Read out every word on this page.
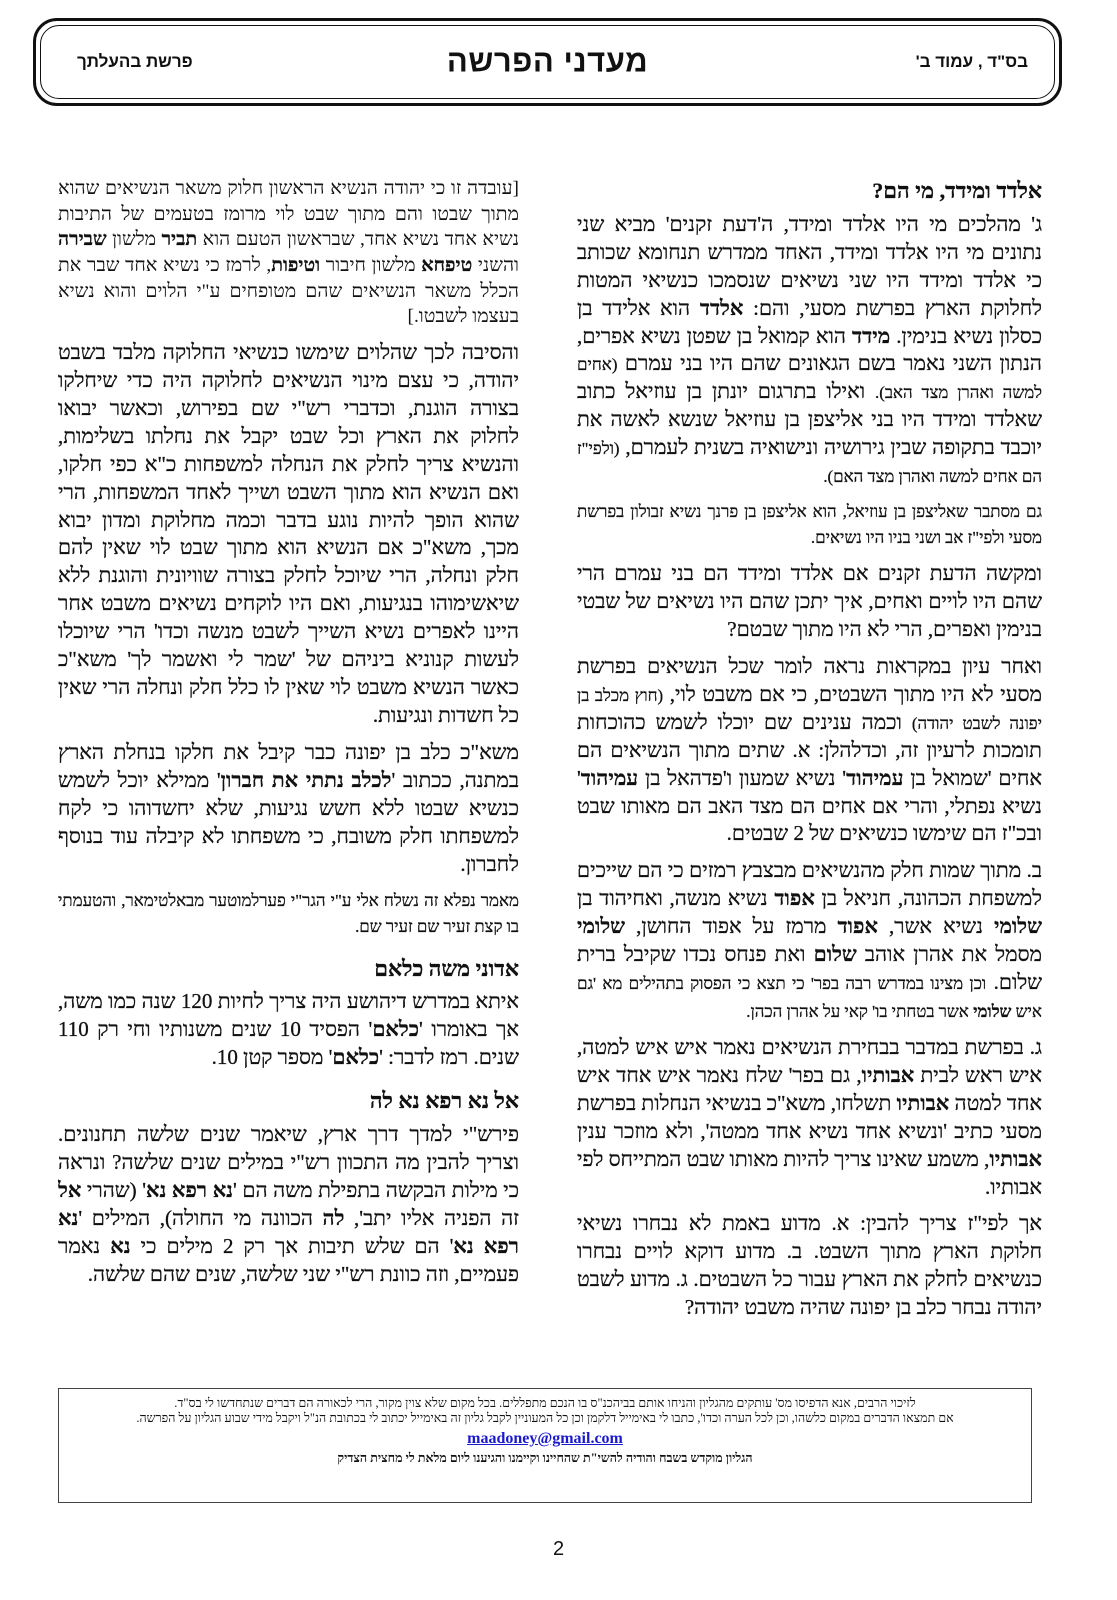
בס"ד , עמוד ב'
מעדני הפרשה
פרשת בהעלתך
אלדד ומידד, מי הם?

ג' מהלכים מי היו אלדד ומידד, ה'דעת זקנים' מביא שני נתונים מי היו אלדד ומידד, האחד ממדרש תנחומא שכותב כי אלדד ומידד היו שני נשיאים שנסמכו כנשיאי המטות לחלוקת הארץ בפרשת מסעי, והם: אלדד הוא אלידד בן כסלון נשיא בנימין. מידד הוא קמואל בן שפטן נשיא אפרים, הנתון השני נאמר בשם הגאונים שהם היו בני עמרם (אחים למשה ואהרן מצד האב). ואילו בתרגום יונתן בן עוזיאל כתוב שאלדד ומידד היו בני אליצפן בן עוזיאל שנשא לאשה את יוכבד בתקופה שבין גירושיה ונישואיה בשנית לעמרם, (ולפי"ז הם אחים למשה ואהרן מצד האם).

גם מסתבר שאליצפן בן עוזיאל, הוא אליצפן בן פרנך נשיא זבולון בפרשת מסעי ולפי"ז אב ושני בניו היו נשיאים.

ומקשה הדעת זקנים אם אלדד ומידד הם בני עמרם הרי שהם היו לויים ואחים, איך יתכן שהם היו נשיאים של שבטי בנימין ואפרים, הרי לא היו מתוך שבטם?

ואחר עיון במקראות נראה לומר שכל הנשיאים בפרשת מסעי לא היו מתוך השבטים, כי אם משבט לוי, (חוץ מכלב בן יפונה לשבט יהודה) וכמה ענינים שם יוכלו לשמש כהוכחות תומכות לרעיון זה, וכדלהלן: א. שתים מתוך הנשיאים הם אחים 'שמואל בן עמיהוד' נשיא שמעון ו'פדהאל בן עמיהוד' נשיא נפתלי, והרי אם אחים הם מצד האב הם מאותו שבט ובכ"ז הם שימשו כנשיאים של 2 שבטים.

ב. מתוך שמות חלק מהנשיאים מבצבץ רמזים כי הם שייכים למשפחת הכהונה, חניאל בן אפוד נשיא מנשה, ואחיהוד בן שלומי נשיא אשר, אפוד מרמז על אפוד החושן, שלומי מסמל את אהרן אוהב שלום ואת פנחס נכדו שקיבל ברית שלום. וכן מצינו במדרש רבה בפר' כי תצא כי הפסוק בתהילים מא 'גם איש שלומי אשר בטחתי בו' קאי על אהרן הכהן.

ג. בפרשת במדבר בבחירת הנשיאים נאמר איש איש למטה, איש ראש לבית אבותיו, גם בפר' שלח נאמר איש אחד איש אחד למטה אבותיו תשלחו, משא"כ בנשיאי הנחלות בפרשת מסעי כתיב 'ונשיא אחד נשיא אחד ממטה', ולא מוזכר ענין אבותיו, משמע שאינו צריך להיות מאותו שבט המתייחס לפי אבותיו.

אך לפי"ז צריך להבין: א. מדוע באמת לא נבחרו נשיאי חלוקת הארץ מתוך השבט. ב. מדוע דוקא לויים נבחרו כנשיאים לחלק את הארץ עבור כל השבטים. ג. מדוע לשבט יהודה נבחר כלב בן יפונה שהיה משבט יהודה?

[עובדה זו כי יהודה הנשיא הראשון חלוק משאר הנשיאים שהוא מתוך שבטו והם מתוך שבט לוי מרומז בטעמים של התיבות נשיא אחד נשיא אחד, שבראשון הטעם הוא תביר מלשון שבירה והשני טיפחא מלשון חיבור וטיפות, לרמז כי נשיא אחד שבר את הכלל משאר הנשיאים שהם מטופחים ע"י הלוים והוא נשיא בעצמו לשבטו.]

והסיבה לכך שהלוים שימשו כנשיאי החלוקה מלבד בשבט יהודה, כי עצם מינוי הנשיאים לחלוקה היה כדי שיחלקו בצורה הוגנת, וכדברי רש"י שם בפירוש, וכאשר יבואו לחלוק את הארץ וכל שבט יקבל את נחלתו בשלימות, והנשיא צריך לחלק את הנחלה למשפחות כ"א כפי חלקו, ואם הנשיא הוא מתוך השבט ושייך לאחד המשפחות, הרי שהוא הופך להיות נוגע בדבר וכמה מחלוקת ומדון יבוא מכך, משא"כ אם הנשיא הוא מתוך שבט לוי שאין להם חלק ונחלה, הרי שיוכל לחלק בצורה שוויונית והוגנת ללא שיאשימוהו בנגיעות, ואם היו לוקחים נשיאים משבט אחר היינו לאפרים נשיא השייך לשבט מנשה וכדו' הרי שיוכלו לעשות קנוניא ביניהם של 'שמר לי ואשמר לך' משא"כ כאשר הנשיא משבט לוי שאין לו כלל חלק ונחלה הרי שאין כל חשדות ונגיעות.

משא"כ כלב בן יפונה כבר קיבל את חלקו בנחלת הארץ במתנה, ככתוב 'לכלב נתתי את חברון' ממילא יוכל לשמש כנשיא שבטו ללא חשש נגיעות, שלא יחשדוהו כי לקח למשפחתו חלק משובח, כי משפחתו לא קיבלה עוד בנוסף לחברון.

מאמר נפלא זה נשלח אלי ע"י הגר"י פערלמוטער מבאלטימאר, והטעמתי בו קצת זעיר שם זעיר שם.

אדוני משה כלאם

איתא במדרש דיהושע היה צריך לחיות 120 שנה כמו משה, אך באומרו 'כלאם' הפסיד 10 שנים משנותיו וחי רק 110 שנים. רמז לדבר: 'כלאם' מספר קטן 10.

אל נא רפא נא לה

פירש"י למדך דרך ארץ, שיאמר שנים שלשה תחנונים. וצריך להבין מה התכוון רש"י במילים שנים שלשה? ונראה כי מילות הבקשה בתפילת משה הם 'נא רפא נא' (שהרי אל זה הפניה אליו יתב', לה הכוונה מי החולה), המילים 'נא רפא נא' הם שלש תיבות אך רק 2 מילים כי נא נאמר פעמיים, וזה כוונת רש"י שני שלשה, שנים שהם שלשה.

לזיכוי הרבים, אנא הדפיסו מס' עותקים מהגליון והניחו אותם בביהכנ"ס בו הנכם מתפללים. בכל מקום שלא צוין מקור, הרי לכאורה הם דברים שנתחדשו לי בס"ד.
אם תמצאו הדברים במקום כלשהו, וכן לכל הערה וכדו', כתבו לי באימייל דלקמן וכן כל המעוניין לקבל גליון זה באימייל יכתוב לי בכתובת הנ"ל ויקבל מידי שבוע הגליון על הפרשה.
maadoney@gmail.com
הגליון מוקדש בשבח והודיה להשי"ת שהחיינו וקיימנו והגיענו ליום מלאת לי מחצית הצדיק
2
